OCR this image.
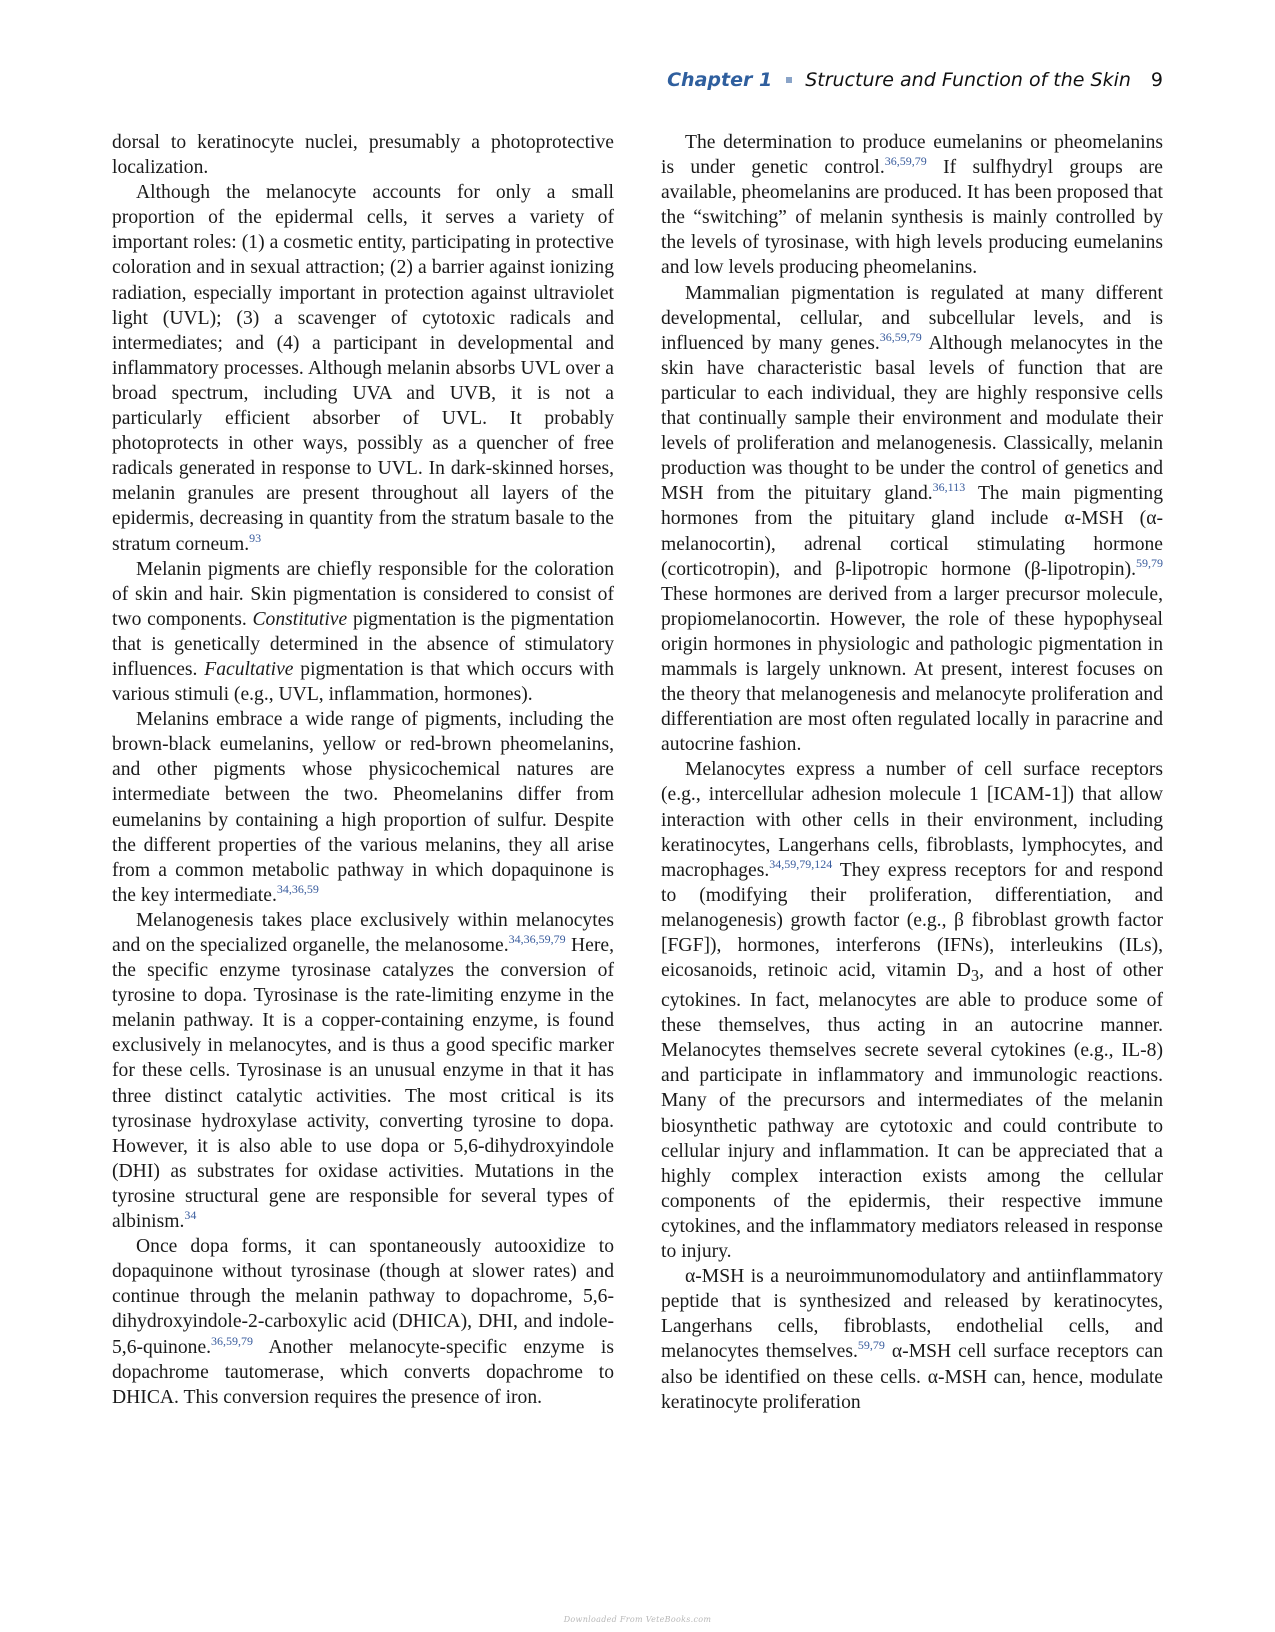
Chapter 1 Structure and Function of the Skin 9

dorsal to keratinocyte nuclei, presumably a photoprotective localization.

Although the melanocyte accounts for only a small proportion of the epidermal cells, it serves a variety of important roles: (1) a cosmetic entity, participating in protective coloration and in sexual attraction; (2) a barrier against ionizing radiation, especially important in protection against ultraviolet light (UVL); (3) a scavenger of cytotoxic radicals and intermediates; and (4) a participant in developmental and inflammatory processes. Although melanin absorbs UVL over a broad spectrum, including UVA and UVB, it is not a particularly efficient absorber of UVL. It probably photoprotects in other ways, possibly as a quencher of free radicals generated in response to UVL. In dark-skinned horses, melanin granules are present throughout all layers of the epidermis, decreasing in quantity from the stratum basale to the stratum corneum.$^{93}$

Melanin pigments are chiefly responsible for the coloration of skin and hair. Skin pigmentation is considered to consist of two components. Constitutive pigmentation is the pigmentation that is genetically determined in the absence of stimulatory influences. Facultative pigmentation is that which occurs with various stimuli (e.g., UVL, inflammation, hormones).

Melanins embrace a wide range of pigments, including the brown-black eumelanins, yellow or red-brown pheomelanins, and other pigments whose physicochemical natures are intermediate between the two. Pheomelanins differ from eumelanins by containing a high proportion of sulfur. Despite the different properties of the various melanins, they all arise from a common metabolic pathway in which dopaquinone is the key intermediate.$^{34,36,59}$

Melanogenesis takes place exclusively within melanocytes and on the specialized organelle, the melanosome.$^{34,36,59,79}$ Here, the specific enzyme tyrosinase catalyzes the conversion of tyrosine to dopa. Tyrosinase is the rate-limiting enzyme in the melanin pathway. It is a copper-containing enzyme, is found exclusively in melanocytes, and is thus a good specific marker for these cells. Tyrosinase is an unusual enzyme in that it has three distinct catalytic activities. The most critical is its tyrosinase hydroxylase activity, converting tyrosine to dopa. However, it is also able to use dopa or 5,6-dihydroxyindole (DHI) as substrates for oxidase activities. Mutations in the tyrosine structural gene are responsible for several types of albinism.$^{34}$

Once dopa forms, it can spontaneously autooxidize to dopaquinone without tyrosinase (though at slower rates) and continue through the melanin pathway to dopachrome, 5,6-dihydroxyindole-2-carboxylic acid (DHICA), DHI, and indole-5,6-quinone.$^{36,59,79}$ Another melanocyte-specific enzyme is dopachrome tautomerase, which converts dopachrome to DHICA. This conversion requires the presence of iron.

The determination to produce eumelanins or pheomelanins is under genetic control.$^{36,59,79}$ If sulfhydryl groups are available, pheomelanins are produced. It has been proposed that the “switching” of melanin synthesis is mainly controlled by the levels of tyrosinase, with high levels producing eumelanins and low levels producing pheomelanins.

Mammalian pigmentation is regulated at many different developmental, cellular, and subcellular levels, and is influenced by many genes.$^{36,59,79}$ Although melanocytes in the skin have characteristic basal levels of function that are particular to each individual, they are highly responsive cells that continually sample their environment and modulate their levels of proliferation and melanogenesis. Classically, melanin production was thought to be under the control of genetics and MSH from the pituitary gland.$^{36,113}$ The main pigmenting hormones from the pituitary gland include α-MSH (α-melanocortin), adrenal cortical stimulating hormone (corticotropin), and β-lipotropic hormone (β-lipotropin).$^{59,79}$ These hormones are derived from a larger precursor molecule, propiomelanocortin. However, the role of these hypophyseal origin hormones in physiologic and pathologic pigmentation in mammals is largely unknown. At present, interest focuses on the theory that melanogenesis and melanocyte proliferation and differentiation are most often regulated locally in paracrine and autocrine fashion.

Melanocytes express a number of cell surface receptors (e.g., intercellular adhesion molecule 1 [ICAM-1]) that allow interaction with other cells in their environment, including keratinocytes, Langerhans cells, fibroblasts, lymphocytes, and macrophages.$^{34,59,79,124}$ They express receptors for and respond to (modifying their proliferation, differentiation, and melanogenesis) growth factor (e.g., β fibroblast growth factor [FGF]), hormones, interferons (IFNs), interleukins (ILs), eicosanoids, retinoic acid, vitamin $D_3$, and a host of other cytokines. In fact, melanocytes are able to produce some of these themselves, thus acting in an autocrine manner. Melanocytes themselves secrete several cytokines (e.g., IL-8) and participate in inflammatory and immunologic reactions. Many of the precursors and intermediates of the melanin biosynthetic pathway are cytotoxic and could contribute to cellular injury and inflammation. It can be appreciated that a highly complex interaction exists among the cellular components of the epidermis, their respective immune cytokines, and the inflammatory mediators released in response to injury.

α-MSH is a neuroimmunomodulatory and antiinflammatory peptide that is synthesized and released by keratinocytes, Langerhans cells, fibroblasts, endothelial cells, and melanocytes themselves.$^{59,79}$ α-MSH cell surface receptors can also be identified on these cells. α-MSH can, hence, modulate keratinocyte proliferation

Downloaded From VeteBooks.com
